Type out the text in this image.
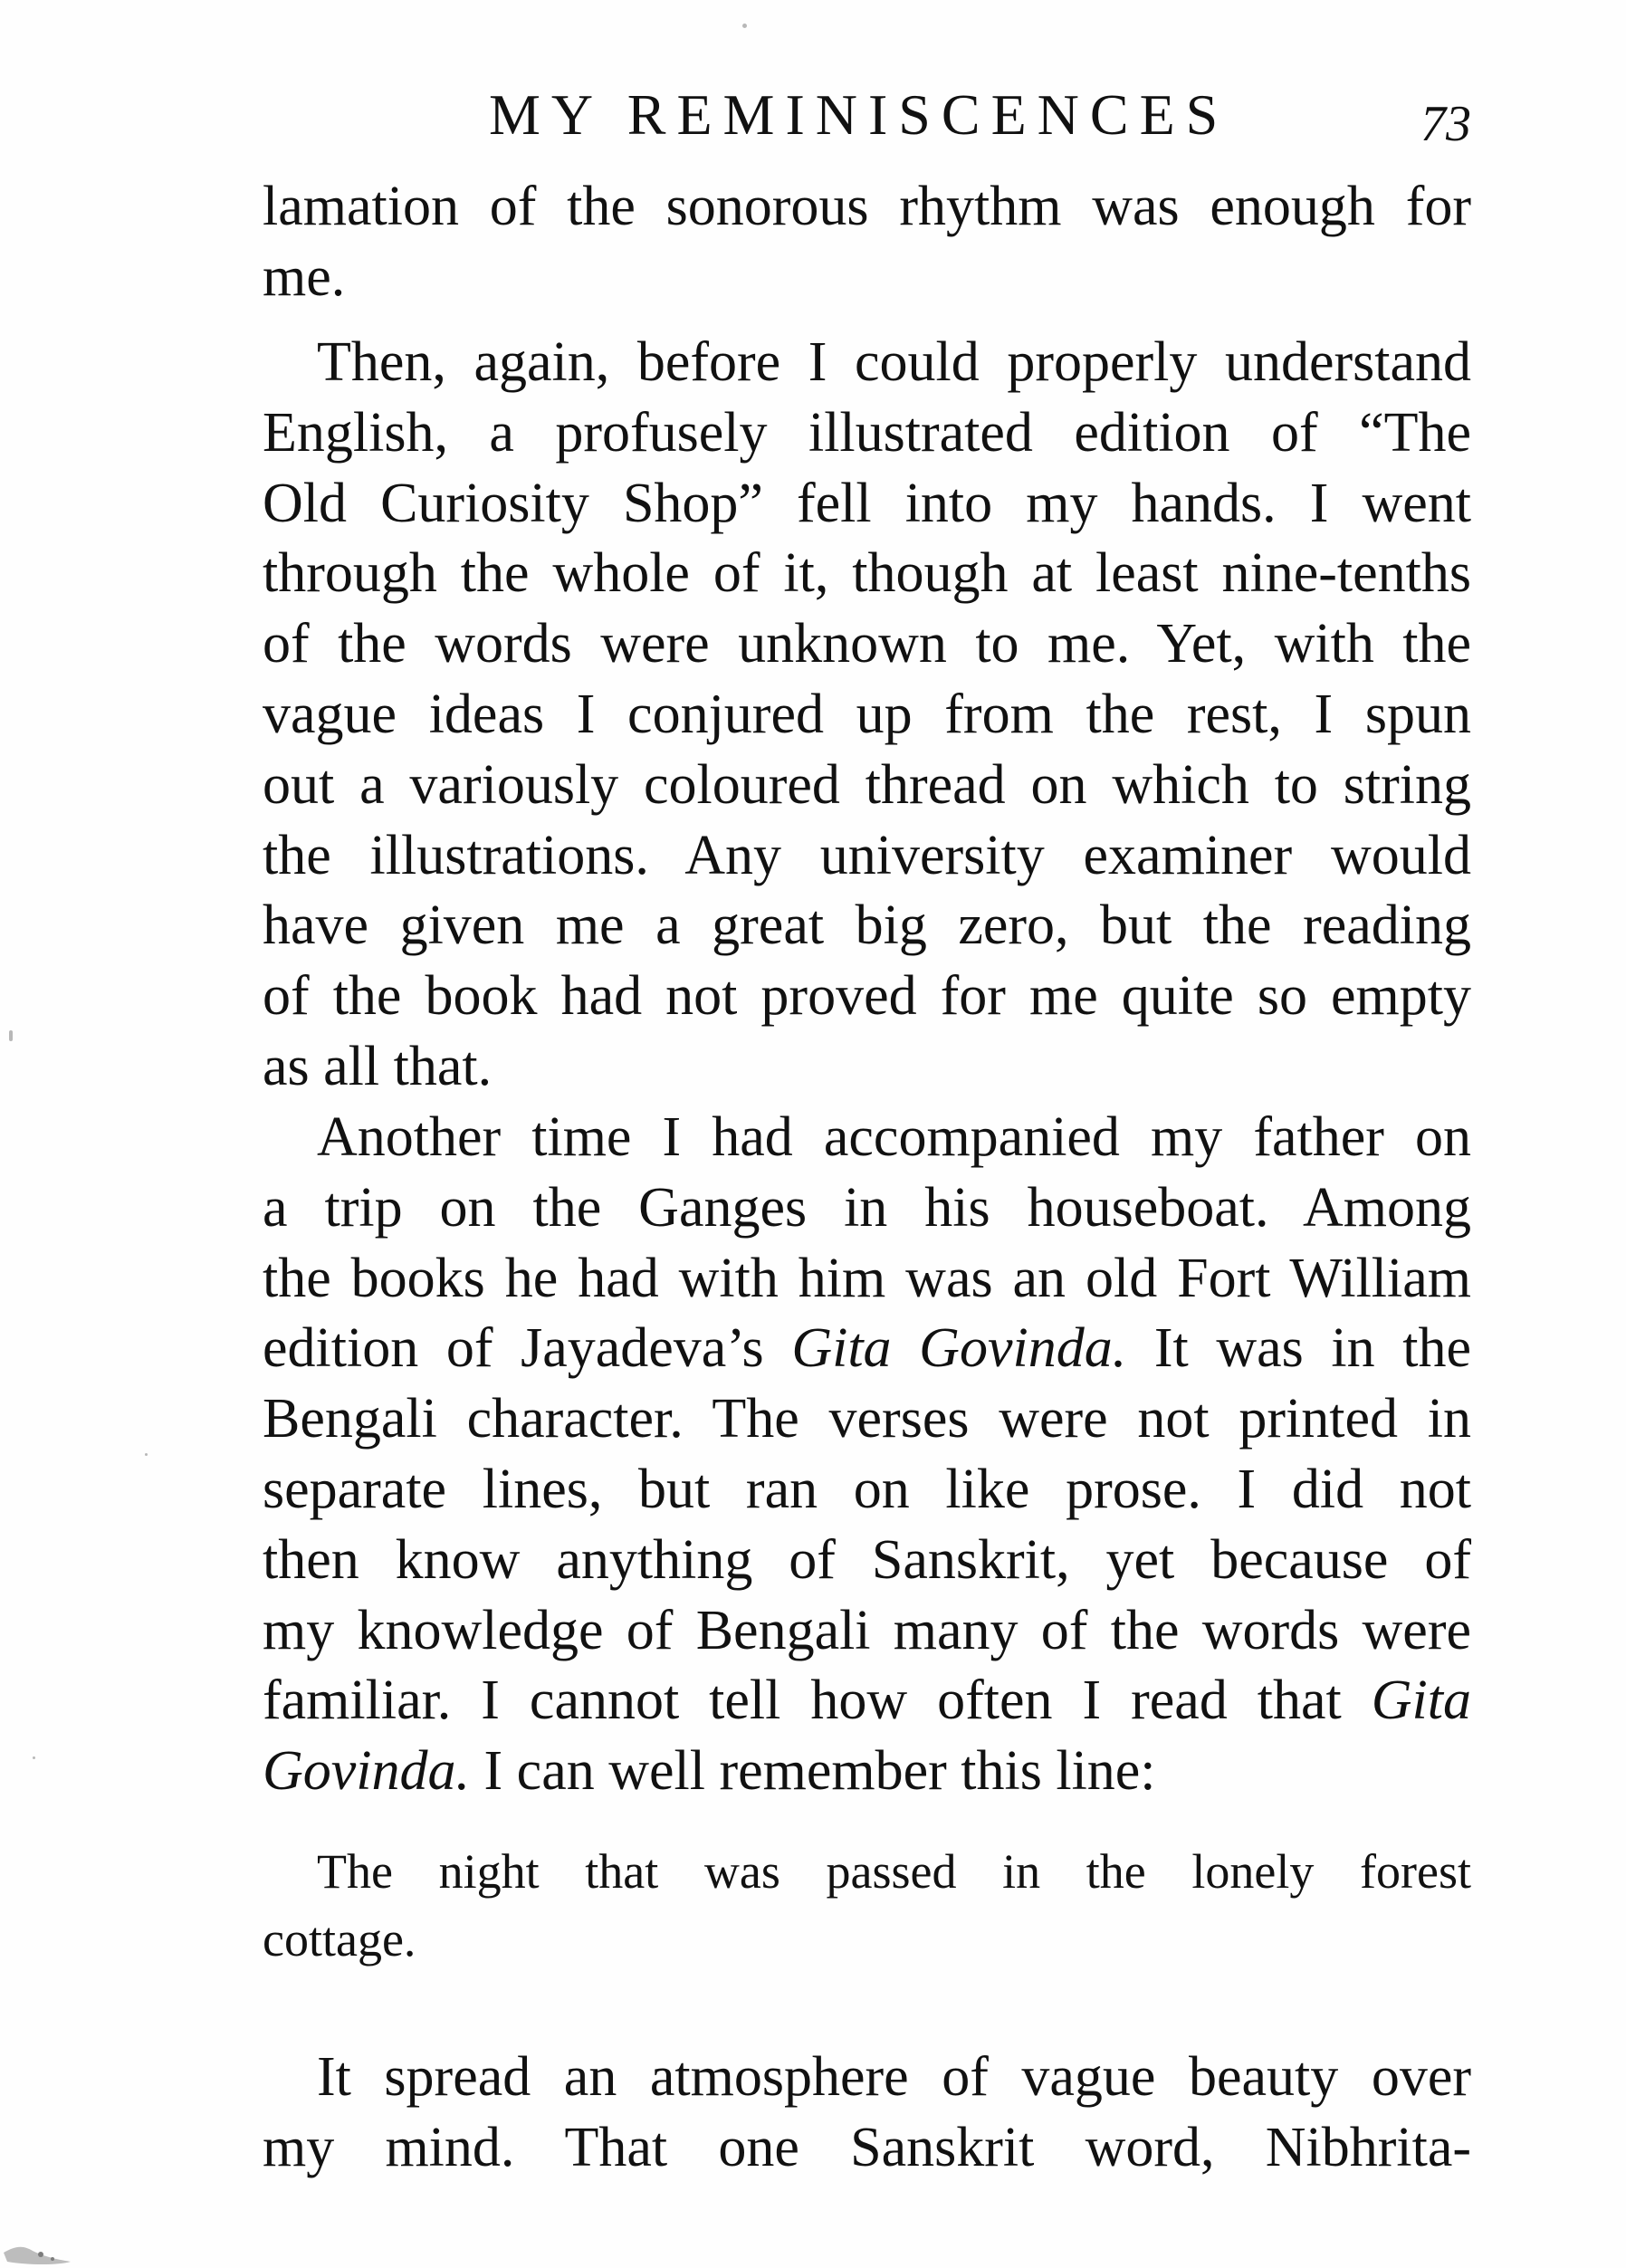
MY REMINISCENCES	73
lamation of the sonorous rhythm was enough for
me.
Then, again, before I could properly understand
English, a profusely illustrated edition of “The
Old Curiosity Shop” fell into my hands. I went
through the whole of it, though at least nine-tenths
of the words were unknown to me. Yet, with the
vague ideas I conjured up from the rest, I spun
out a variously coloured thread on which to string
the illustrations. Any university examiner would
have given me a great big zero, but the reading
of the book had not proved for me quite so empty
as all that.
Another time I had accompanied my father on
a trip on the Ganges in his houseboat. Among
the books he had with him was an old Fort William
edition of Jayadeva’s Gita Govinda. It was in the
Bengali character. The verses were not printed in
separate lines, but ran on like prose. I did not
then know anything of Sanskrit, yet because of
my knowledge of Bengali many of the words were
familiar. I cannot tell how often I read that Gita
Govinda. I can well remember this line:
The night that was passed in the lonely forest
cottage.
It spread an atmosphere of vague beauty over
my mind. That one Sanskrit word, Nibhrita-
